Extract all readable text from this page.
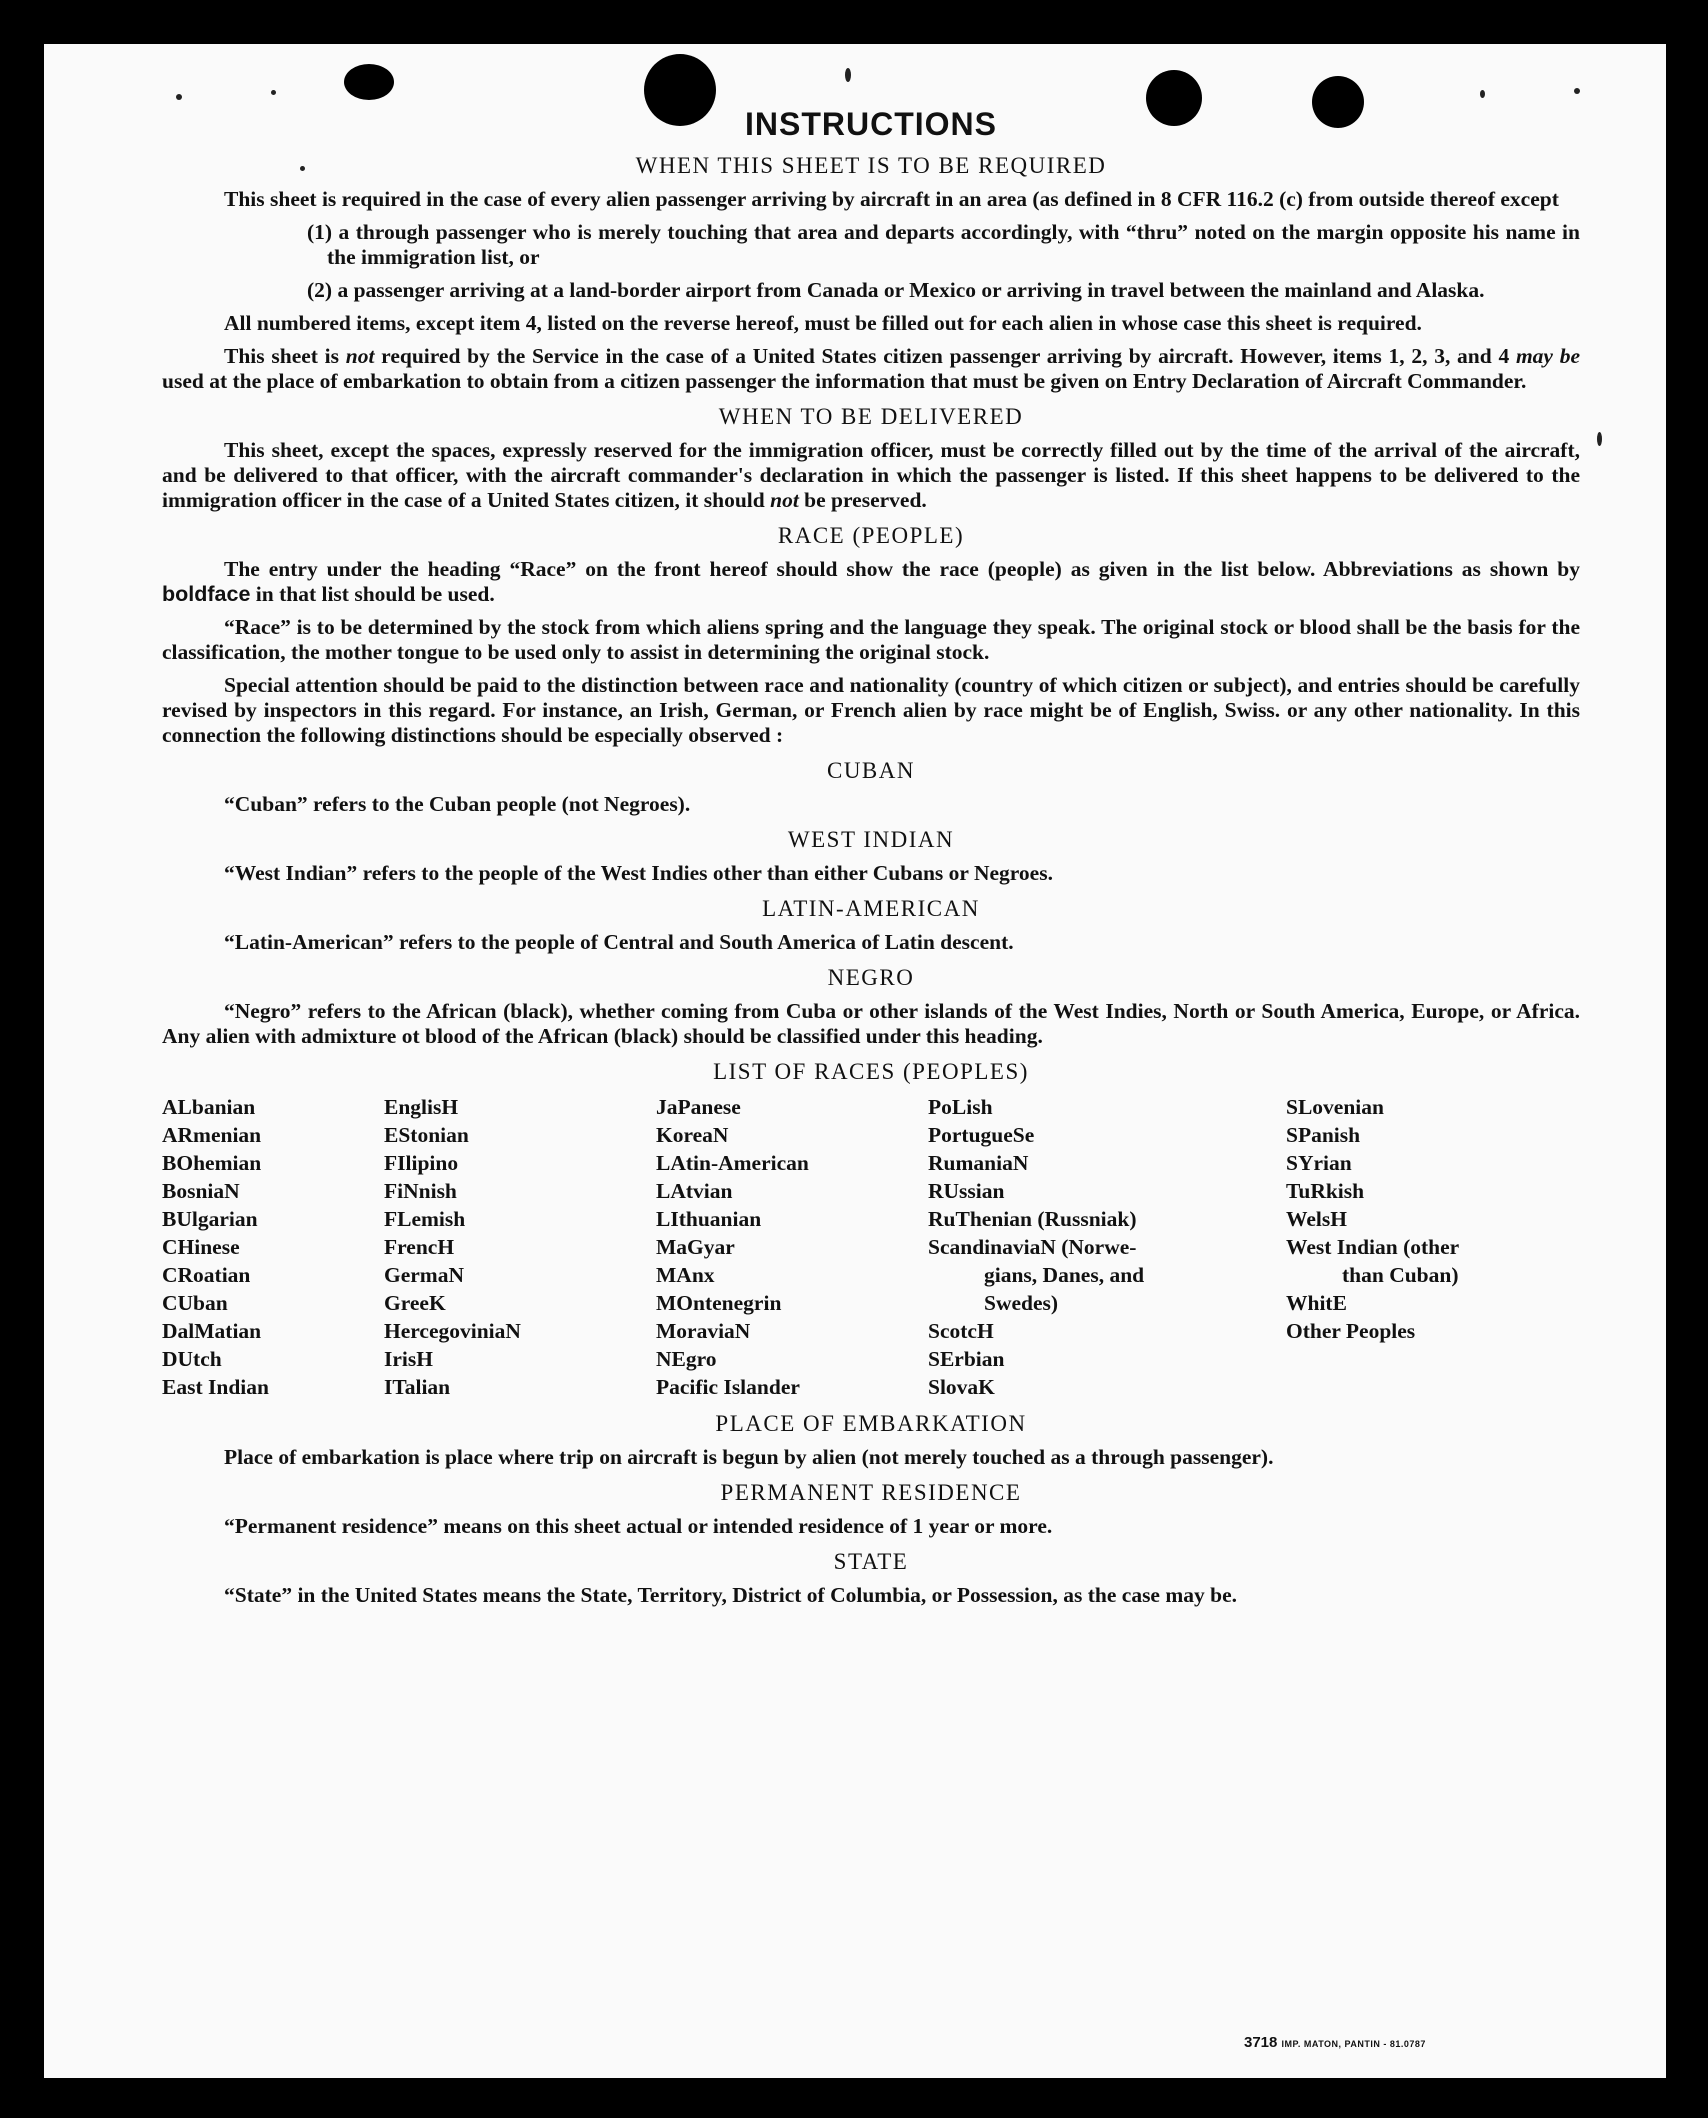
INSTRUCTIONS
WHEN THIS SHEET IS TO BE REQUIRED

This sheet is required in the case of every alien passenger arriving by aircraft in an area (as defined in 8 CFR 116.2 (c) from outside thereof except

(1) a through passenger who is merely touching that area and departs accordingly, with “thru” noted on the margin opposite his name in the immigration list, or

(2) a passenger arriving at a land-border airport from Canada or Mexico or arriving in travel between the mainland and Alaska.

All numbered items, except item 4, listed on the reverse hereof, must be filled out for each alien in whose case this sheet is required.

This sheet is not required by the Service in the case of a United States citizen passenger arriving by aircraft. However, items 1, 2, 3, and 4 may be used at the place of embarkation to obtain from a citizen passenger the information that must be given on Entry Declaration of Aircraft Commander.

WHEN TO BE DELIVERED

This sheet, except the spaces, expressly reserved for the immigration officer, must be correctly filled out by the time of the arrival of the aircraft, and be delivered to that officer, with the aircraft commander's declaration in which the passenger is listed. If this sheet happens to be delivered to the immigration officer in the case of a United States citizen, it should not be preserved.

RACE (PEOPLE)

The entry under the heading “Race” on the front hereof should show the race (people) as given in the list below. Abbreviations as shown by boldface in that list should be used.

“Race” is to be determined by the stock from which aliens spring and the language they speak. The original stock or blood shall be the basis for the classification, the mother tongue to be used only to assist in determining the original stock.

Special attention should be paid to the distinction between race and nationality (country of which citizen or subject), and entries should be carefully revised by inspectors in this regard. For instance, an Irish, German, or French alien by race might be of English, Swiss. or any other nationality. In this connection the following distinctions should be especially observed :

CUBAN

“Cuban” refers to the Cuban people (not Negroes).

WEST INDIAN

“West Indian” refers to the people of the West Indies other than either Cubans or Negroes.

LATIN-AMERICAN

“Latin-American” refers to the people of Central and South America of Latin descent.

NEGRO

“Negro” refers to the African (black), whether coming from Cuba or other islands of the West Indies, North or South America, Europe, or Africa. Any alien with admixture ot blood of the African (black) should be classified under this heading.

LIST OF RACES (PEOPLES)
ALbanian
ARmenian
BOhemian
BosniaN
BUlgarian
CHinese
CRoatian
CUban
DalMatian
DUtch
East Indian
EnglisH
EStonian
FIlipino
FiNnish
FLemish
FrencH
GermaN
GreeK
HercegoviniaN
IrisH
ITalian
JaPanese
KoreaN
LAtin-American
LAtvian
LIthuanian
MaGyar
MAnx
MOntenegrin
MoraviaN
NEgro
Pacific Islander
PoLish
PortugueSe
RumaniaN
RUssian
RuThenian (Russniak)
ScandinaviaN (Norwe-
gians, Danes, and
Swedes)
ScotcH
SErbian
SlovaK
SLovenian
SPanish
SYrian
TuRkish
WelsH
West Indian (other
than Cuban)
WhitE
Other Peoples
PLACE OF EMBARKATION

Place of embarkation is place where trip on aircraft is begun by alien (not merely touched as a through passenger).

PERMANENT RESIDENCE

“Permanent residence” means on this sheet actual or intended residence of 1 year or more.

STATE

“State” in the United States means the State, Territory, District of Columbia, or Possession, as the case may be.

3718 IMP. MATON, PANTIN - 81.0787
